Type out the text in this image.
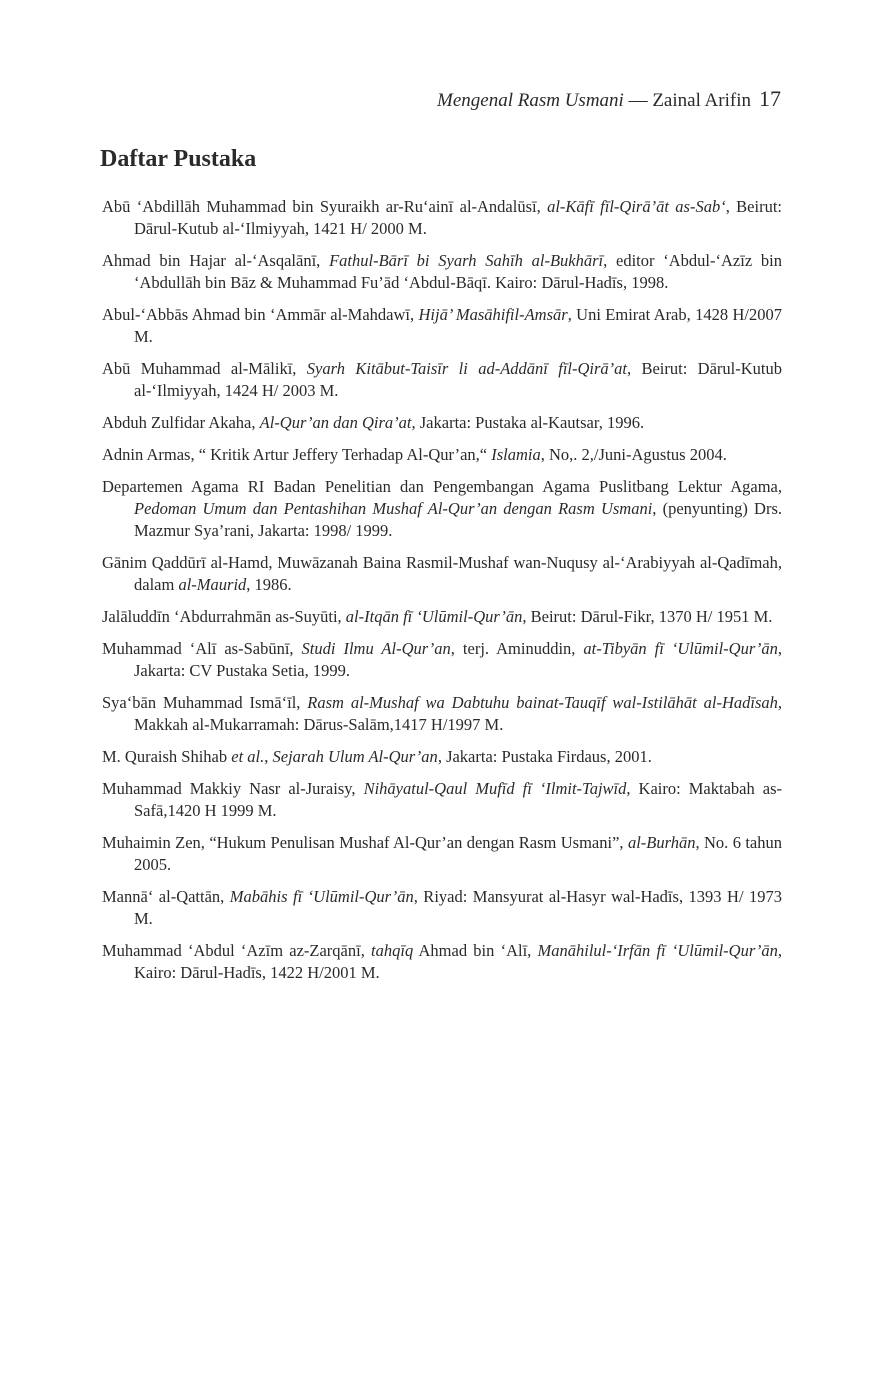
Mengenal Rasm Usmani — Zainal Arifin 17
Daftar Pustaka
Abū ‘Abdillāh Muhammad bin Syuraikh ar-Ru‘ainī al-Andalūsī, al-Kāfī fīl-Qirā’āt as-Sab‘, Beirut: Dārul-Kutub al-‘Ilmiyyah, 1421 H/ 2000 M.
Ahmad bin Hajar al-‘Asqalānī, Fathul-Bārī bi Syarh Sahīh al-Bukhārī, editor ‘Abdul-‘Azīz bin ‘Abdullāh bin Bāz & Muhammad Fu’ād ‘Abdul-Bāqī. Kairo: Dārul-Hadīs, 1998.
Abul-‘Abbās Ahmad bin ‘Ammār al-Mahdawī, Hijā’ Masāhifil-Amsār, Uni Emirat Arab, 1428 H/2007 M.
Abū Muhammad al-Mālikī, Syarh Kitābut-Taisīr li ad-Addānī fīl-Qirā’at, Beirut: Dārul-Kutub al-‘Ilmiyyah, 1424 H/ 2003 M.
Abduh Zulfidar Akaha, Al-Qur’an dan Qira’at, Jakarta: Pustaka al-Kautsar, 1996.
Adnin Armas, “ Kritik Artur Jeffery Terhadap Al-Qur’an,“ Islamia, No,. 2,/Juni-Agustus 2004.
Departemen Agama RI Badan Penelitian dan Pengembangan Agama Puslitbang Lektur Agama, Pedoman Umum dan Pentashihan Mushaf Al-Qur’an dengan Rasm Usmani, (penyunting) Drs. Mazmur Sya’rani, Jakarta: 1998/ 1999.
Gānim Qaddūrī al-Hamd, Muwāzanah Baina Rasmil-Mushaf wan-Nuqusy al-‘Arabiyyah al-Qadīmah, dalam al-Maurid, 1986.
Jalāluddīn ‘Abdurrahmān as-Suyūti, al-Itqān fī ‘Ulūmil-Qur’ān, Beirut: Dārul-Fikr, 1370 H/ 1951 M.
Muhammad ‘Alī as-Sabūnī, Studi Ilmu Al-Qur’an, terj. Aminuddin, at-Tibyān fī ‘Ulūmil-Qur’ān, Jakarta: CV Pustaka Setia, 1999.
Sya‘bān Muhammad Ismā‘īl, Rasm al-Mushaf wa Dabtuhu bainat-Tauqīf wal-Istilāhāt al-Hadīsah, Makkah al-Mukarramah: Dārus-Salām,1417 H/1997 M.
M. Quraish Shihab et al., Sejarah Ulum Al-Qur’an, Jakarta: Pustaka Firdaus, 2001.
Muhammad Makkiy Nasr al-Juraisy, Nihāyatul-Qaul Mufīd fī ‘Ilmit-Tajwīd, Kairo: Maktabah as-Safā,1420 H 1999 M.
Muhaimin Zen, “Hukum Penulisan Mushaf Al-Qur’an dengan Rasm Usmani”, al-Burhān, No. 6 tahun 2005.
Mannā‘ al-Qattān, Mabāhis fī ‘Ulūmil-Qur’ān, Riyad: Mansyurat al-Hasyr wal-Hadīs, 1393 H/ 1973 M.
Muhammad ‘Abdul ‘Azīm az-Zarqānī, tahqīq Ahmad bin ‘Alī, Manāhilul-‘Irfān fī ‘Ulūmil-Qur’ān, Kairo: Dārul-Hadīs, 1422 H/2001 M.
